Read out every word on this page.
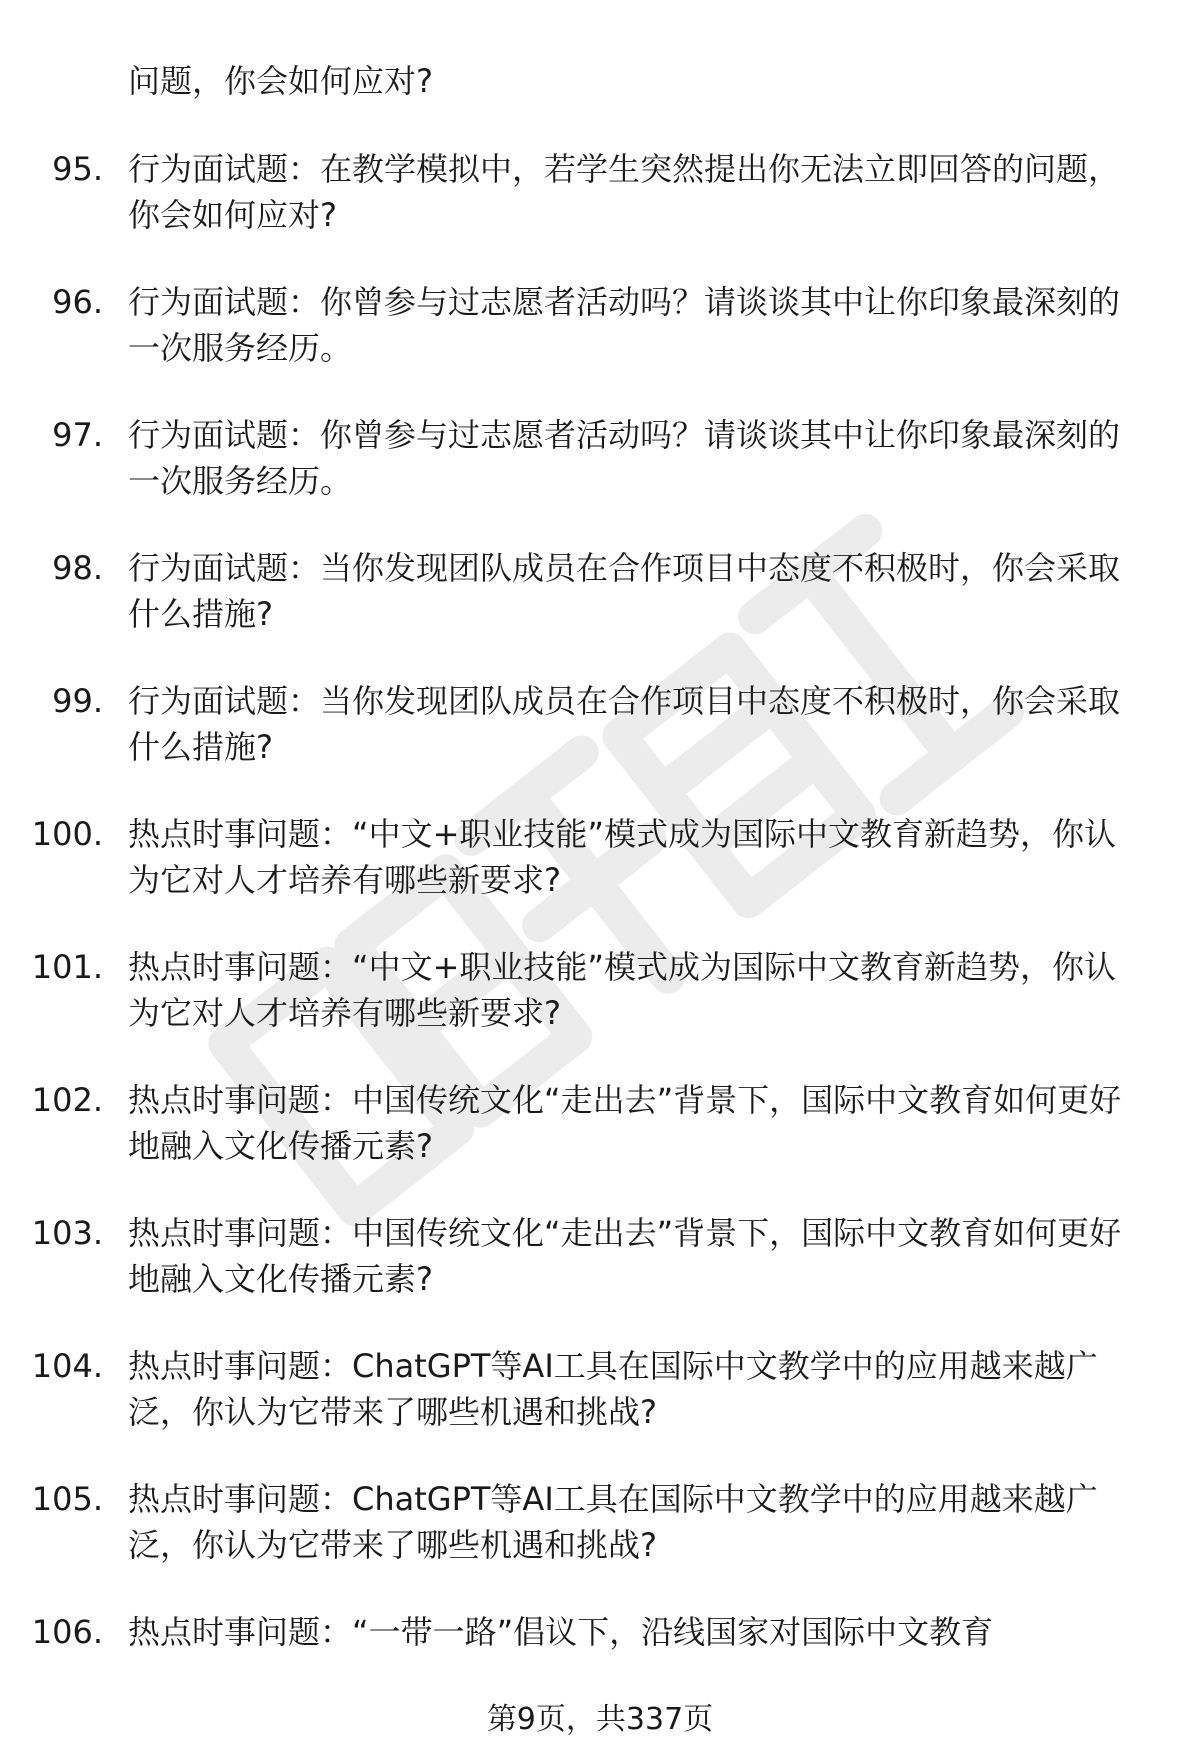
问题，你会如何应对?

95. 行为面试题：在教学模拟中，若学生突然提出你无法立即回答的问题，你会如何应对?
96. 行为面试题：你曾参与过志愿者活动吗？请谈谈其中让你印象最深刻的一次服务经历。
97. 行为面试题：你曾参与过志愿者活动吗？请谈谈其中让你印象最深刻的一次服务经历。
98. 行为面试题：当你发现团队成员在合作项目中态度不积极时，你会采取什么措施?
99. 行为面试题：当你发现团队成员在合作项目中态度不积极时，你会采取什么措施?
100. 热点时事问题：“中文+职业技能”模式成为国际中文教育新趋势，你认为它对人才培养有哪些新要求?
101. 热点时事问题：“中文+职业技能”模式成为国际中文教育新趋势，你认为它对人才培养有哪些新要求?
102. 热点时事问题：中国传统文化“走出去”背景下，国际中文教育如何更好地融入文化传播元素?
103. 热点时事问题：中国传统文化“走出去”背景下，国际中文教育如何更好地融入文化传播元素?
104. 热点时事问题：ChatGPT等AI工具在国际中文教学中的应用越来越广泛，你认为它带来了哪些机遇和挑战?
105. 热点时事问题：ChatGPT等AI工具在国际中文教学中的应用越来越广泛，你认为它带来了哪些机遇和挑战?
106. 热点时事问题：“一带一路”倡议下，沿线国家对国际中文教育
第9页，共337页
